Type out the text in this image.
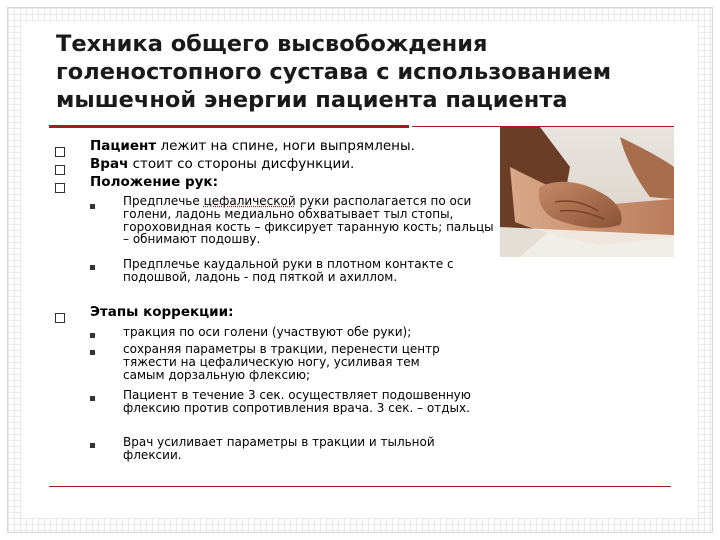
Техника общего высвобождения голеностопного сустава с использованием мышечной энергии пациента пациента
Пациент лежит на спине, ноги выпрямлены.
Врач стоит со стороны дисфункции.
Положение рук:
Предплечье цефалической руки располагается по оси голени, ладонь медиально обхватывает тыл стопы, гороховидная кость – фиксирует таранную кость; пальцы – обнимают подошву.
Предплечье каудальной руки в плотном контакте с подошвой, ладонь - под пяткой и ахиллом.
Этапы коррекции:
тракция по оси голени (участвуют обе руки);
сохраняя параметры в тракции, перенести центр тяжести на цефалическую ногу, усиливая тем самым дорзальную флексию;
Пациент в течение 3 сек. осуществляет подошвенную флексию против сопротивления врача. 3 сек. – отдых.
Врач усиливает параметры в тракции и тыльной флексии.
